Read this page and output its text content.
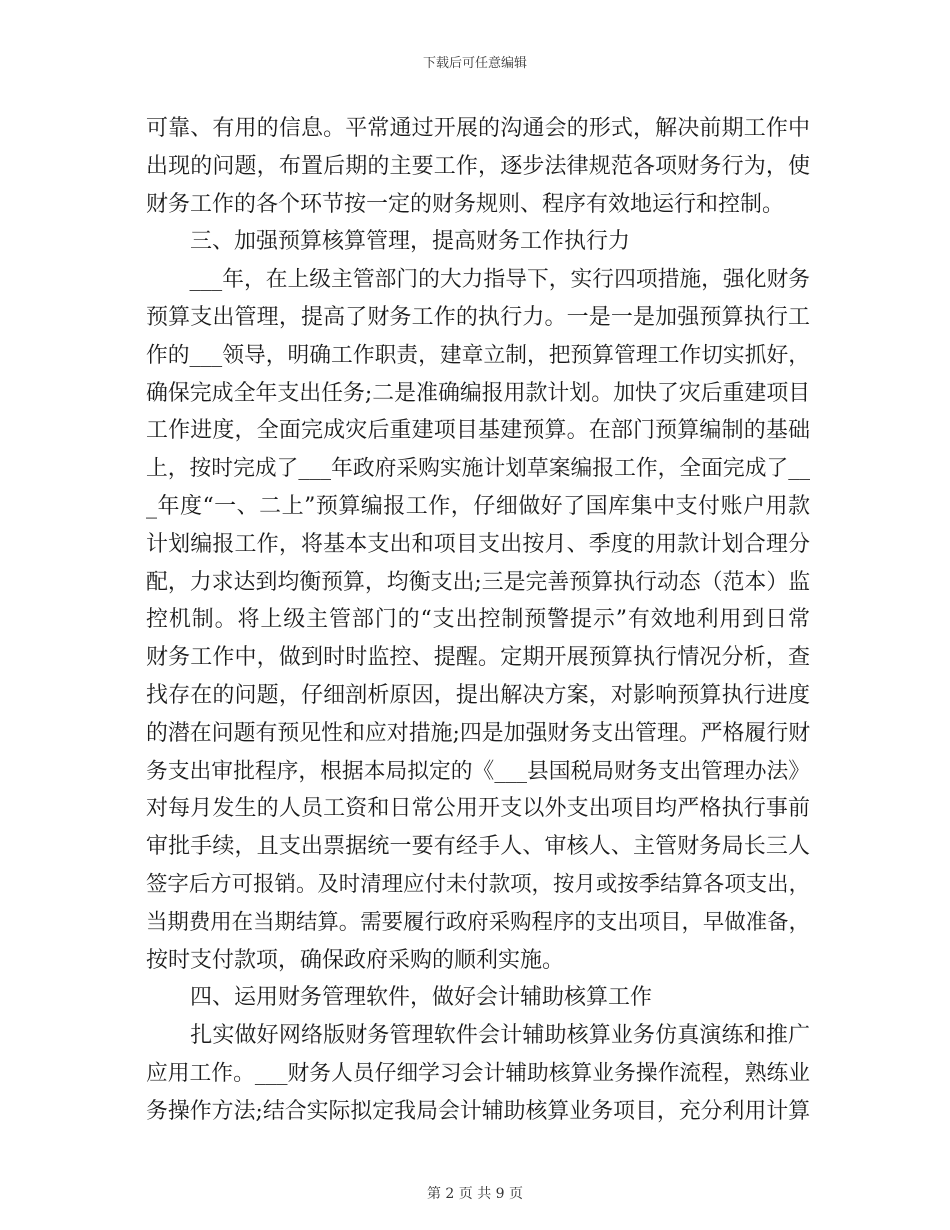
下载后可任意编辑
可靠、有用的信息。平常通过开展的沟通会的形式，解决前期工作中
出现的问题，布置后期的主要工作，逐步法律规范各项财务行为，使
财务工作的各个环节按一定的财务规则、程序有效地运行和控制。
　　三、加强预算核算管理，提高财务工作执行力
　　___年，在上级主管部门的大力指导下，实行四项措施，强化财务
预算支出管理，提高了财务工作的执行力。一是一是加强预算执行工
作的___领导，明确工作职责，建章立制，把预算管理工作切实抓好，
确保完成全年支出任务;二是准确编报用款计划。加快了灾后重建项目
工作进度，全面完成灾后重建项目基建预算。在部门预算编制的基础
上，按时完成了___年政府采购实施计划草案编报工作，全面完成了__
_年度“一、二上”预算编报工作，仔细做好了国库集中支付账户用款
计划编报工作，将基本支出和项目支出按月、季度的用款计划合理分
配，力求达到均衡预算，均衡支出;三是完善预算执行动态（范本）监
控机制。将上级主管部门的“支出控制预警提示”有效地利用到日常
财务工作中，做到时时监控、提醒。定期开展预算执行情况分析，查
找存在的问题，仔细剖析原因，提出解决方案，对影响预算执行进度
的潜在问题有预见性和应对措施;四是加强财务支出管理。严格履行财
务支出审批程序，根据本局拟定的《___县国税局财务支出管理办法》
对每月发生的人员工资和日常公用开支以外支出项目均严格执行事前
审批手续，且支出票据统一要有经手人、审核人、主管财务局长三人
签字后方可报销。及时清理应付未付款项，按月或按季结算各项支出，
当期费用在当期结算。需要履行政府采购程序的支出项目，早做准备，
按时支付款项，确保政府采购的顺利实施。
　　四、运用财务管理软件，做好会计辅助核算工作
　　扎实做好网络版财务管理软件会计辅助核算业务仿真演练和推广
应用工作。___财务人员仔细学习会计辅助核算业务操作流程，熟练业
务操作方法;结合实际拟定我局会计辅助核算业务项目，充分利用计算
第 2 页 共 9 页
